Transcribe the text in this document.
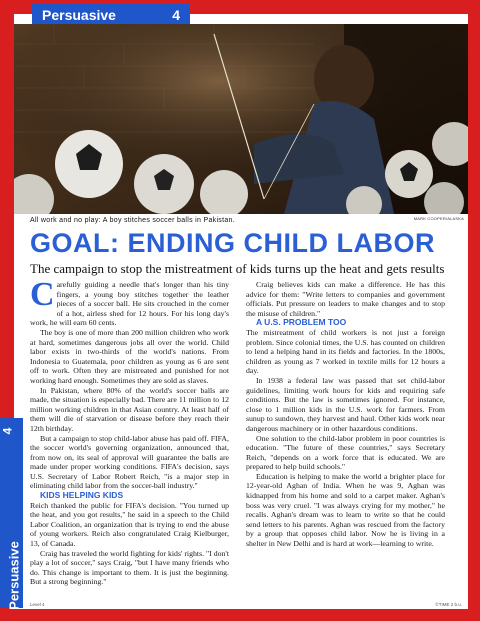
Persuasive	4
MARK COOPER/ALASKA
All work and no play: A boy stitches soccer balls in Pakistan.
GOAL: ENDING CHILD LABOR
The campaign to stop the mistreatment of kids turns up the heat and gets results

Carefully guiding a needle that's longer than his tiny fingers, a young boy stitches together the leather pieces of a soccer ball. He sits crouched in the corner of a hot, airless shed for 12 hours. For his long day's work, he will earn 60 cents.

The boy is one of more than 200 million children who work at hard, sometimes dangerous jobs all over the world. Child labor exists in two-thirds of the world's nations. From Indonesia to Guatemala, poor children as young as 6 are sent off to work. Often they are mistreated and punished for not working hard enough. Sometimes they are sold as slaves.

In Pakistan, where 80% of the world's soccer balls are made, the situation is especially bad. There are 11 million to 12 million working children in that Asian country. At least half of them will die of starvation or disease before they reach their 12th birthday.

But a campaign to stop child-labor abuse has paid off. FIFA, the soccer world's governing organization, announced that, from now on, its seal of approval will guarantee the balls are made under proper working conditions. FIFA's decision, says U.S. Secretary of Labor Robert Reich, "is a major step in eliminating child labor from the soccer-ball industry."

KIDS HELPING KIDS

Reich thanked the public for FIFA's decision. "You turned up the heat, and you got results," he said in a speech to the Child Labor Coalition, an organization that is trying to end the abuse of young workers. Reich also congratulated Craig Kielburger, 13, of Canada.

Craig has traveled the world fighting for kids' rights. "I don't play a lot of soccer," says Craig, "but I have many friends who do. This change is important to them. It is just the beginning. But a strong beginning."

Craig believes kids can make a difference. He has this advice for them: "Write letters to companies and government officials. Put pressure on leaders to make changes and to stop the misuse of children."

A U.S. PROBLEM TOO

The mistreatment of child workers is not just a foreign problem. Since colonial times, the U.S. has counted on children to lend a helping hand in its fields and factories. In the 1800s, children as young as 7 worked in textile mills for 12 hours a day.

In 1938 a federal law was passed that set child-labor guidelines, limiting work hours for kids and requiring safe conditions. But the law is sometimes ignored. For instance, close to 1 million kids in the U.S. work for farmers. From sunup to sundown, they harvest and haul. Other kids work near dangerous machinery or in other hazardous conditions.

One solution to the child-labor problem in poor countries is education. "The future of these countries," says Secretary Reich, "depends on a work force that is educated. We are prepared to help build schools."

Education is helping to make the world a brighter place for 12-year-old Aghan of India. When he was 9, Aghan was kidnapped from his home and sold to a carpet maker. Aghan's boss was very cruel. "I was always crying for my mother," he recalls. Aghan's dream was to learn to write so that he could send letters to his parents. Aghan was rescued from the factory by a group that opposes child labor. Now he is living in a shelter in New Delhi and is hard at work—learning to write.

4
Persuasive Level 4	©TIME 2 b.u.
